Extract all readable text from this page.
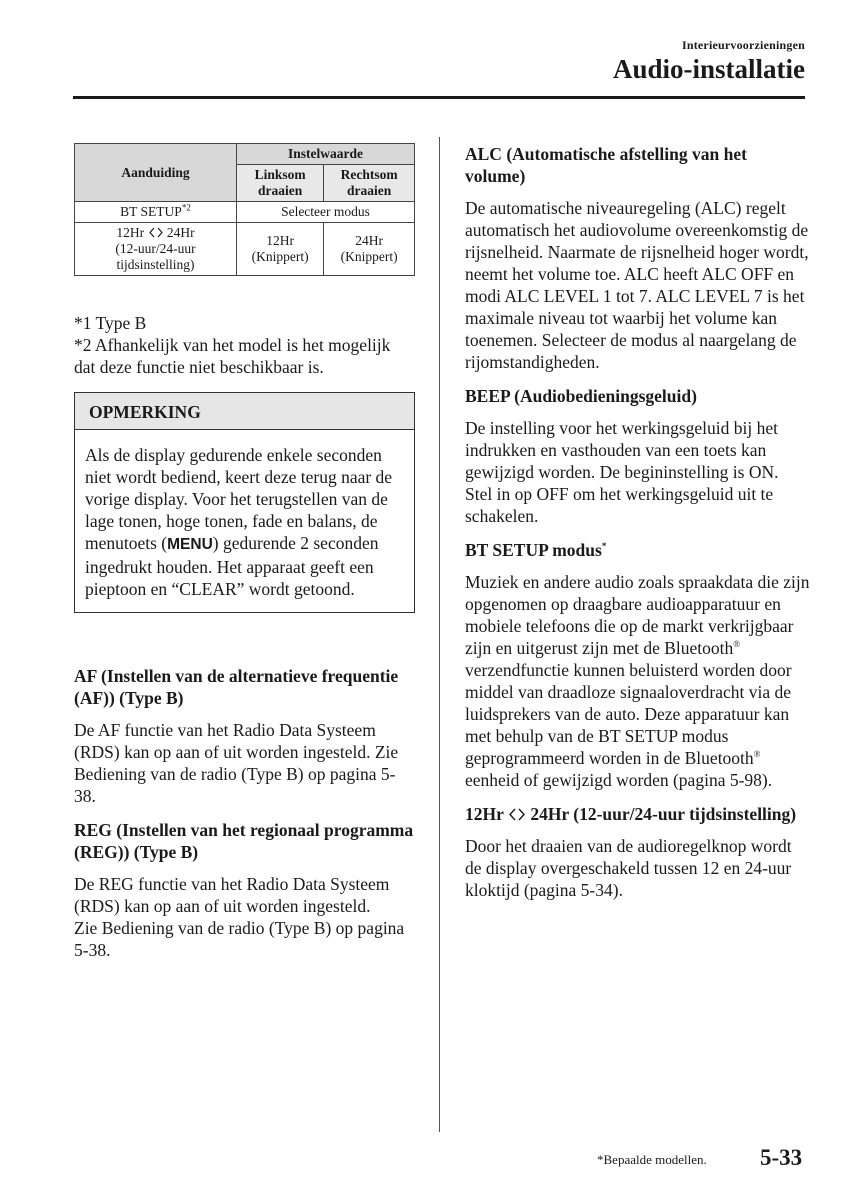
Interieurvoorzieningen
Audio-installatie
Aanduiding	Instelwaarde	
	Linksom draaien	Rechtsom draaien
BT SETUP$^{*2}$	Selecteer modus	
12Hr 24Hr
(12-uur/24-uur tijdsinstelling)	12Hr (Knippert)	24Hr (Knippert)

*1 Type B

*2 Afhankelijk van het model is het mogelijk dat deze functie niet beschikbaar is.

OPMERKING
Als de display gedurende enkele seconden niet wordt bediend, keert deze terug naar de vorige display. Voor het terugstellen van de lage tonen, hoge tonen, fade en balans, de menutoets (MENU) gedurende 2 seconden ingedrukt houden. Het apparaat geeft een pieptoon en “CLEAR” wordt getoond.
AF (Instellen van de alternatieve frequentie (AF)) (Type B)

De AF functie van het Radio Data Systeem (RDS) kan op aan of uit worden ingesteld. Zie Bediening van de radio (Type B) op pagina 5-38.

REG (Instellen van het regionaal programma (REG)) (Type B)

De REG functie van het Radio Data Systeem (RDS) kan op aan of uit worden ingesteld.

Zie Bediening van de radio (Type B) op pagina 5-38.

ALC (Automatische afstelling van het volume)

De automatische niveauregeling (ALC) regelt automatisch het audiovolume overeenkomstig de rijsnelheid. Naarmate de rijsnelheid hoger wordt, neemt het volume toe. ALC heeft ALC OFF en modi ALC LEVEL 1 tot 7. ALC LEVEL 7 is het maximale niveau tot waarbij het volume kan toenemen. Selecteer de modus al naargelang de rijomstandigheden.

BEEP (Audiobedieningsgeluid)

De instelling voor het werkingsgeluid bij het indrukken en vasthouden van een toets kan gewijzigd worden. De begininstelling is ON. Stel in op OFF om het werkingsgeluid uit te schakelen.

BT SETUP modus*

Muziek en andere audio zoals spraakdata die zijn opgenomen op draagbare audioapparatuur en mobiele telefoons die op de markt verkrijgbaar zijn en uitgerust zijn met de Bluetooth® verzendfunctie kunnen beluisterd worden door middel van draadloze signaaloverdracht via de luidsprekers van de auto. Deze apparatuur kan met behulp van de BT SETUP modus geprogrammeerd worden in de Bluetooth® eenheid of gewijzigd worden (pagina 5-98).

12Hr 24Hr (12-uur/24-uur tijdsinstelling)

Door het draaien van de audioregelknop wordt de display overgeschakeld tussen 12 en 24-uur kloktijd (pagina 5-34).

*Bepaalde modellen. 5-33
